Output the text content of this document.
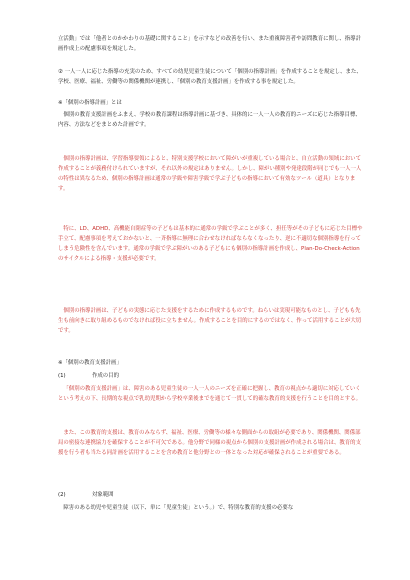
立活動」では「他者とのかかわりの基礎に関すること」を示すなどの改善を行い、また重複障害者や訪問教育に関し、指導計画作成上の配慮事項を規定した。

② 一人一人に応じた指導の充実のため、すべての幼児児童生徒について「個別の指導計画」を作成することを規定し、また、学校、医療、福祉、労働等の関係機関が連携し、「個別の教育支援計画」を作成する事を規定した。

※「個別の指導計画」とは

個別の教育支援計画をふまえ、学校の教育課程は指導計画に基づき、具体的に一人一人の教育的ニーズに応じた指導目標、内容、方法などをまとめた計画です。

個別の指導計画は、学習指導要領によると、特別支援学校において障がいが重複している場合と、自立活動の領域において作成することが義務付けられていますが、それ以外の規定はありません。しかし、障がい種別や発達段階が同じでも一人一人の特性は異なるため、個別の指導計画は通常の学級や障害学級で学ぶ子どもの指導において有効なツール（道具）となります。

特に、LD、ADHD、高機能自閉症等の子どもは基本的に通常の学級で学ぶことが多く、担任等がその子どもに応じた目標や手立て、配慮事項を考えておかないと、一斉指導に無理に合わせなければならなくなったり、逆に不適切な個別指導を行ってしまう危険性を含んでいます。通常の学級で学ぶ障がいのある子どもにも個別の指導計画を作成し、Plan-Do-Check-Action のサイクルによる指導・支援が必要です。

個別の指導計画は、子どもの実態に応じた支援をするために作成するものです。ねらいは実現可能なものとし、子どもも先生も前向きに取り組めるものでなければ役に立ちません。作成することを目的にするのではなく、作って活用することが大切です。

※「個別の教育支援計画」

(1)	作成の目的

「個別の教育支援計画」は、障害のある児童生徒の一人一人のニーズを正確に把握し、教育の視点から適切に対応していくという考えの下、長期的な視点で乳幼児期から学校卒業後までを通じて一貫して的確な教育的支援を行うことを目的とする。

また、この教育的支援は、教育のみならず、福祉、医療、労働等の様々な側面からの取組が必要であり、関係機関、関係部局の密接な連携協力を確保することが不可欠である。他分野で同様の視点から個別の支援計画が作成される場合は、教育的支援を行う者も当たる同計画を活用することを含め教育と他分野との一体となった対応が確保されることが重要である。

(2)	対象範囲

障害のある幼児や児童生徒（以下、単に「児童生徒」という。）で、特別な教育的支援の必要な
